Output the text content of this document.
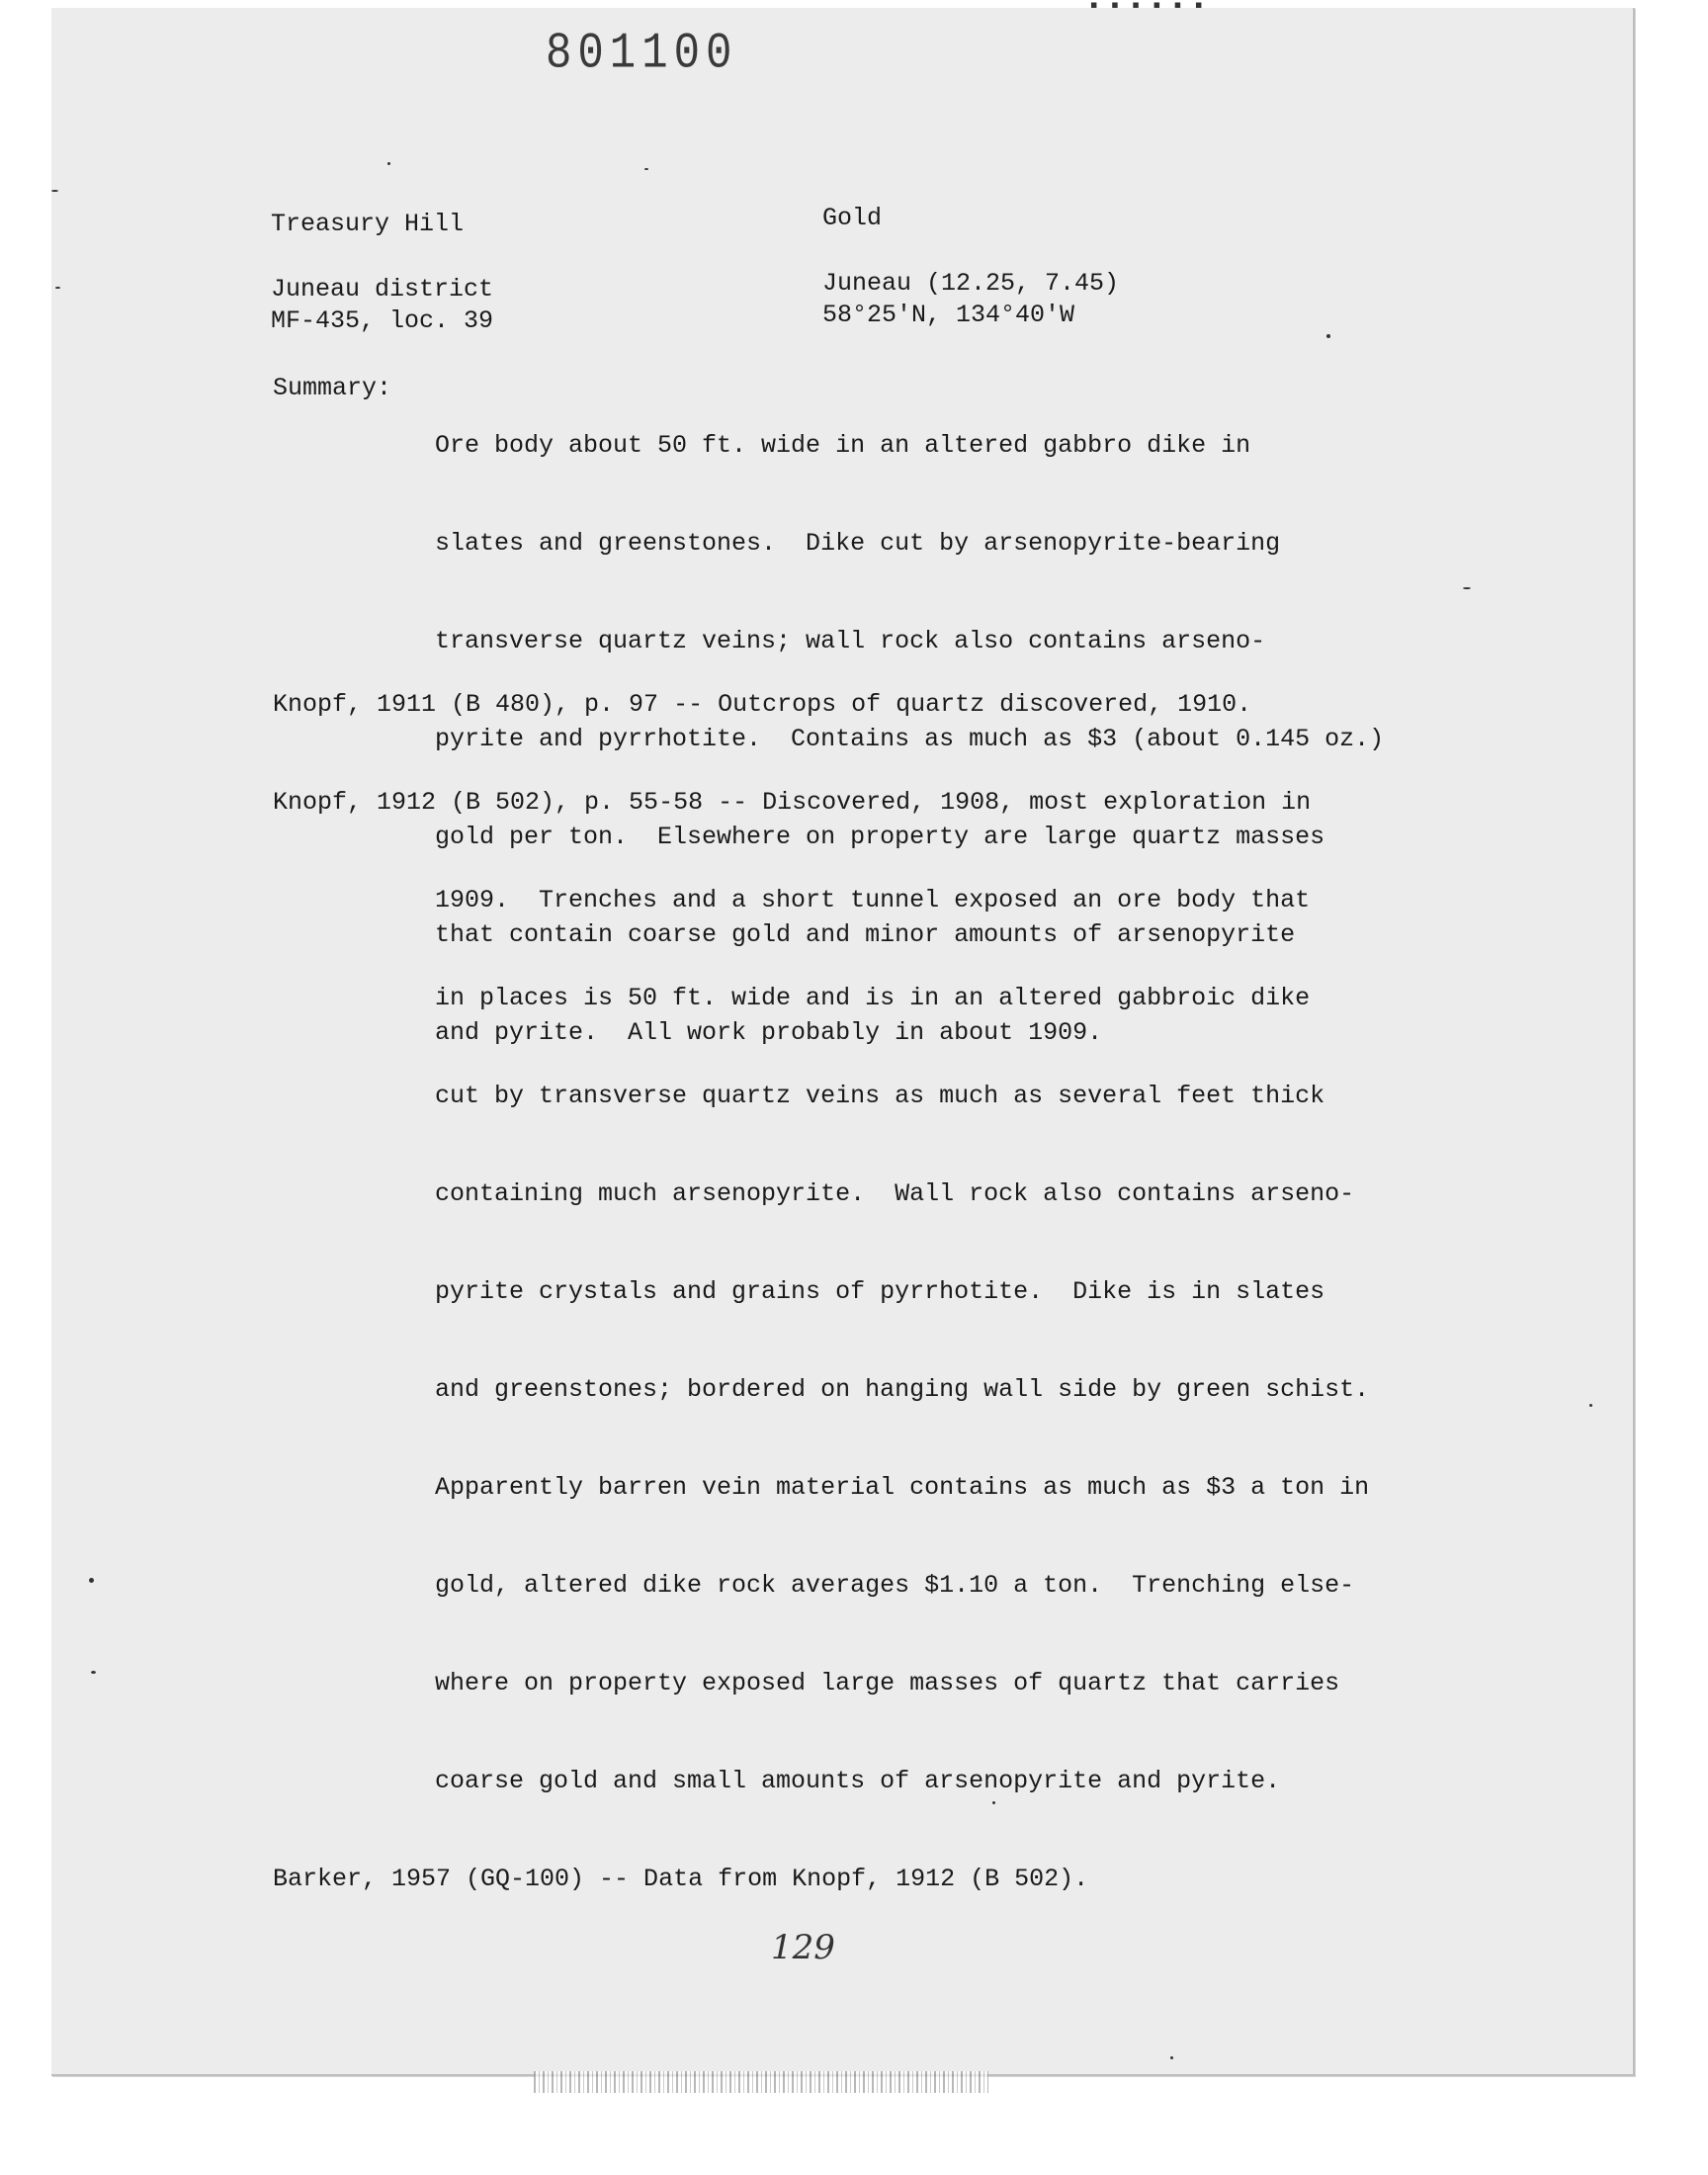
801100
Treasury Hill	Gold
Juneau district	Juneau (12.25, 7.45)
MF-435, loc. 39	58°25'N, 134°40'W
Summary:

Ore body about 50 ft. wide in an altered gabbro dike in

slates and greenstones.  Dike cut by arsenopyrite-bearing

transverse quartz veins; wall rock also contains arseno-

pyrite and pyrrhotite.  Contains as much as $3 (about 0.145 oz.)

gold per ton.  Elsewhere on property are large quartz masses

that contain coarse gold and minor amounts of arsenopyrite

and pyrite.  All work probably in about 1909.

Knopf, 1911 (B 480), p. 97 -- Outcrops of quartz discovered, 1910.

Knopf, 1912 (B 502), p. 55-58 -- Discovered, 1908, most exploration in

1909.  Trenches and a short tunnel exposed an ore body that

in places is 50 ft. wide and is in an altered gabbroic dike

cut by transverse quartz veins as much as several feet thick

containing much arsenopyrite.  Wall rock also contains arseno-

pyrite crystals and grains of pyrrhotite.  Dike is in slates

and greenstones; bordered on hanging wall side by green schist.

Apparently barren vein material contains as much as $3 a ton in

gold, altered dike rock averages $1.10 a ton.  Trenching else-

where on property exposed large masses of quartz that carries

coarse gold and small amounts of arsenopyrite and pyrite.

Barker, 1957 (GQ-100) -- Data from Knopf, 1912 (B 502).

129
